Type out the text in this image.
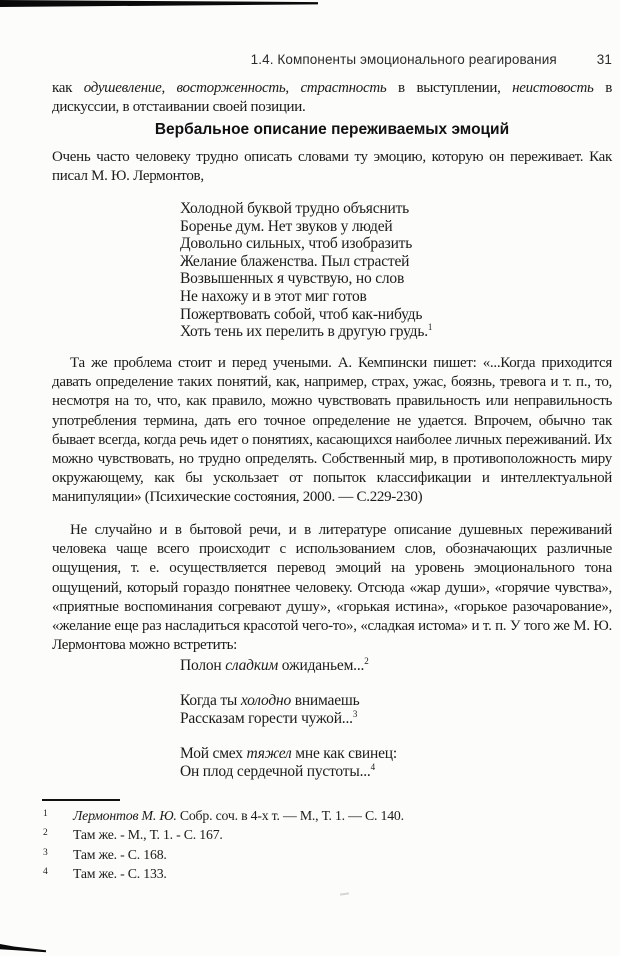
1.4. Компоненты эмоционального реагирования	31

как одушевление, восторженность, страстность в выступлении, неистовость в дискуссии, в отстаивании своей позиции.

Вербальное описание переживаемых эмоций

Очень часто человеку трудно описать словами ту эмоцию, которую он переживает. Как писал М. Ю. Лермонтов,

Холодной буквой трудно объяснить
Боренье дум. Нет звуков у людей
Довольно сильных, чтоб изобразить
Желание блаженства. Пыл страстей
Возвышенных я чувствую, но слов
Не нахожу и в этот миг готов
Пожертвовать собой, чтоб как-нибудь
Хоть тень их перелить в другую грудь.$^1$

Та же проблема стоит и перед учеными. А. Кемпински пишет: «...Когда приходится давать определение таких понятий, как, например, страх, ужас, боязнь, тревога и т. п., то, несмотря на то, что, как правило, можно чувствовать правильность или неправильность употребления термина, дать его точное определение не удается. Впрочем, обычно так бывает всегда, когда речь идет о понятиях, касающихся наиболее личных переживаний. Их можно чувствовать, но трудно определять. Собственный мир, в противоположность миру окружающему, как бы ускользает от попыток классификации и интеллектуальной манипуляции» (Психические состояния, 2000. — С.229-230)

Не случайно и в бытовой речи, и в литературе описание душевных переживаний человека чаще всего происходит с использованием слов, обозначающих различные ощущения, т. е. осуществляется перевод эмоций на уровень эмоционального тона ощущений, который гораздо понятнее человеку. Отсюда «жар души», «горячие чувства», «приятные воспоминания согревают душу», «горькая истина», «горькое разочарование», «желание еще раз насладиться красотой чего-то», «сладкая истома» и т. п. У того же М. Ю. Лермонтова можно встретить:

Полон сладким ожиданьем...$^2$
Когда ты холодно внимаешь
Рассказам горести чужой...$^3$
Мой смех тяжел мне как свинец:
Он плод сердечной пустоты...$^4$
1 Лермонтов М. Ю. Собр. соч. в 4-х т. — М., Т. 1. — С. 140.
2 Там же. - М., Т. 1. - С. 167.
3 Там же. - С. 168.
4 Там же. - С. 133.
